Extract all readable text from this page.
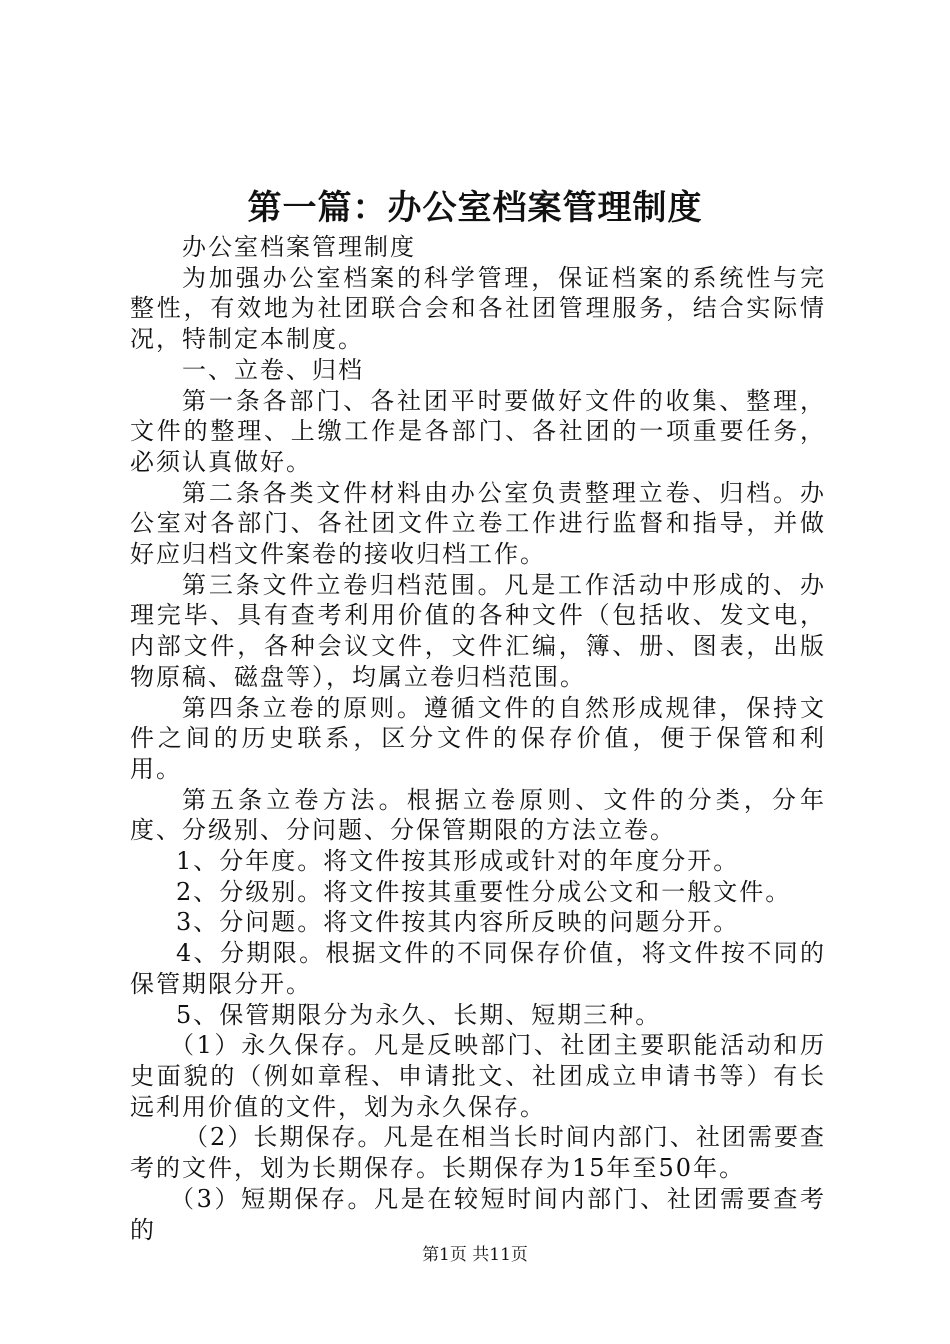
第一篇：办公室档案管理制度

办公室档案管理制度

为加强办公室档案的科学管理，保证档案的系统性与完整性，有效地为社团联合会和各社团管理服务，结合实际情况，特制定本制度。

一、立卷、归档

第一条各部门、各社团平时要做好文件的收集、整理，文件的整理、上缴工作是各部门、各社团的一项重要任务，必须认真做好。

第二条各类文件材料由办公室负责整理立卷、归档。办公室对各部门、各社团文件立卷工作进行监督和指导，并做好应归档文件案卷的接收归档工作。

第三条文件立卷归档范围。凡是工作活动中形成的、办理完毕、具有查考利用价值的各种文件（包括收、发文电，内部文件，各种会议文件，文件汇编，簿、册、图表，出版物原稿、磁盘等），均属立卷归档范围。

第四条立卷的原则。遵循文件的自然形成规律，保持文件之间的历史联系，区分文件的保存价值，便于保管和利用。

第五条立卷方法。根据立卷原则、文件的分类，分年度、分级别、分问题、分保管期限的方法立卷。

1、分年度。将文件按其形成或针对的年度分开。

2、分级别。将文件按其重要性分成公文和一般文件。

3、分问题。将文件按其内容所反映的问题分开。

4、分期限。根据文件的不同保存价值，将文件按不同的保管期限分开。

5、保管期限分为永久、长期、短期三种。

（1）永久保存。凡是反映部门、社团主要职能活动和历史面貌的（例如章程、申请批文、社团成立申请书等）有长远利用价值的文件，划为永久保存。

（2）长期保存。凡是在相当长时间内部门、社团需要查考的文件，划为长期保存。长期保存为15年至50年。

（3）短期保存。凡是在较短时间内部门、社团需要查考的

第1页 共11页
